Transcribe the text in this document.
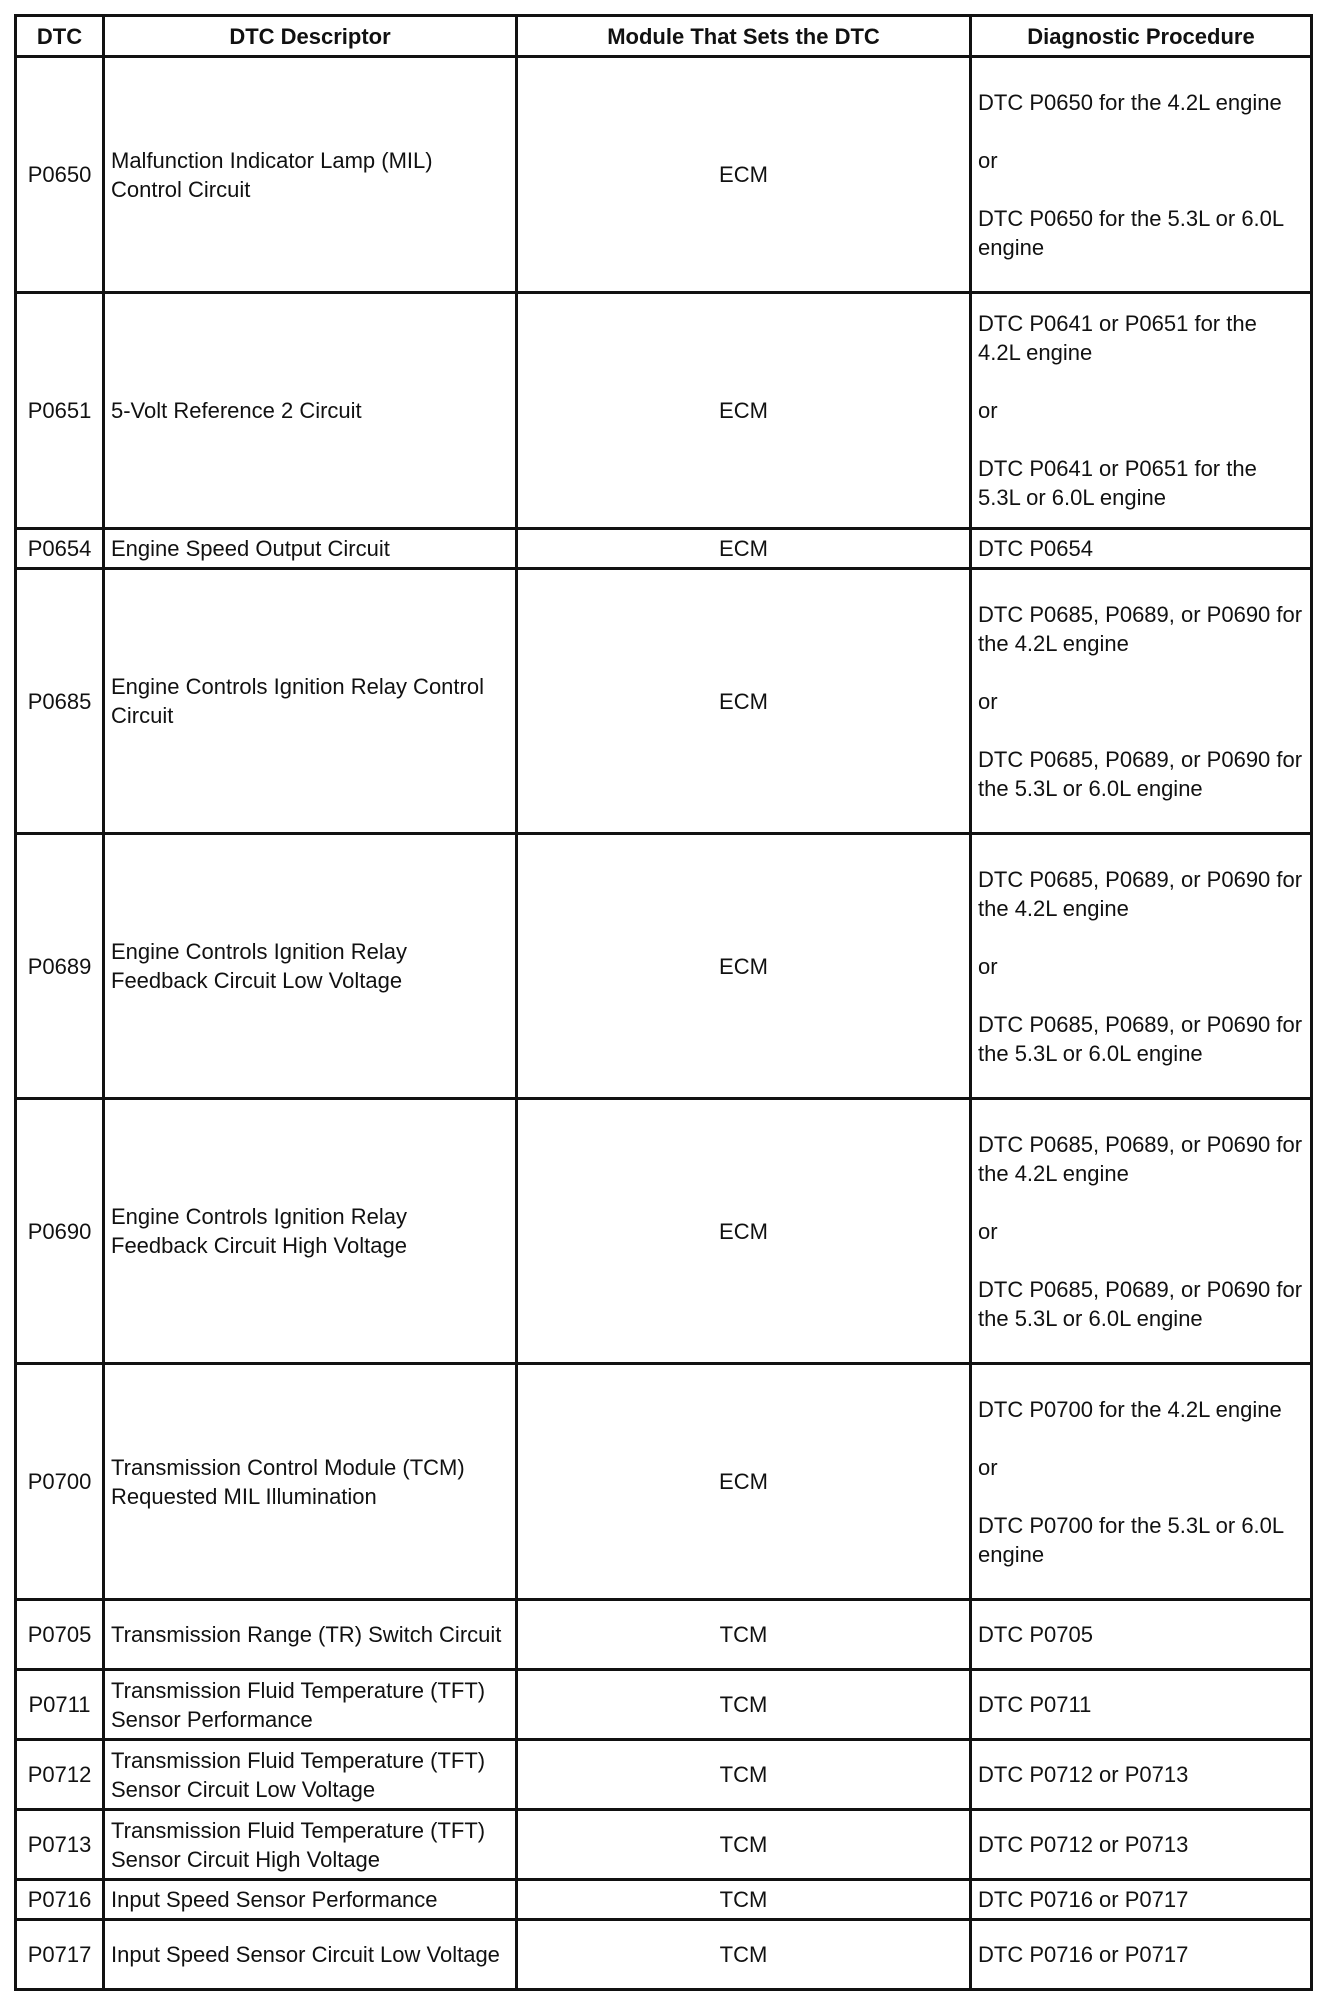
DTC	DTC Descriptor	Module That Sets the DTC	Diagnostic Procedure
P0650	Malfunction Indicator Lamp (MIL) Control Circuit	ECM	DTC P0650 for the 4.2L engine
or
DTC P0650 for the 5.3L or 6.0L engine

P0651	5-Volt Reference 2 Circuit	ECM	DTC P0641 or P0651 for the 4.2L engine
or
DTC P0641 or P0651 for the 5.3L or 6.0L engine

P0654	Engine Speed Output Circuit	ECM	DTC P0654
P0685	Engine Controls Ignition Relay Control Circuit	ECM	DTC P0685, P0689, or P0690 for the 4.2L engine
or
DTC P0685, P0689, or P0690 for the 5.3L or 6.0L engine

P0689	Engine Controls Ignition Relay Feedback Circuit Low Voltage	ECM	DTC P0685, P0689, or P0690 for the 4.2L engine
or
DTC P0685, P0689, or P0690 for the 5.3L or 6.0L engine

P0690	Engine Controls Ignition Relay Feedback Circuit High Voltage	ECM	DTC P0685, P0689, or P0690 for the 4.2L engine
or
DTC P0685, P0689, or P0690 for the 5.3L or 6.0L engine

P0700	Transmission Control Module (TCM) Requested MIL Illumination	ECM	DTC P0700 for the 4.2L engine
or
DTC P0700 for the 5.3L or 6.0L engine

P0705	Transmission Range (TR) Switch Circuit	TCM	DTC P0705
P0711	Transmission Fluid Temperature (TFT) Sensor Performance	TCM	DTC P0711
P0712	Transmission Fluid Temperature (TFT) Sensor Circuit Low Voltage	TCM	DTC P0712 or P0713
P0713	Transmission Fluid Temperature (TFT) Sensor Circuit High Voltage	TCM	DTC P0712 or P0713
P0716	Input Speed Sensor Performance	TCM	DTC P0716 or P0717
P0717	Input Speed Sensor Circuit Low Voltage	TCM	DTC P0716 or P0717
